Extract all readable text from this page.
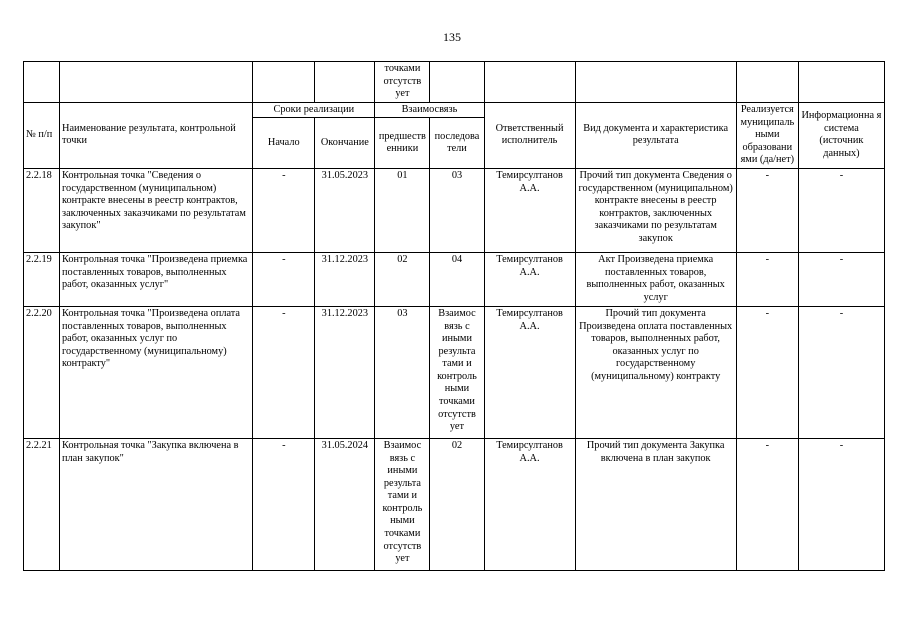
135
				точками отсутств ует					
№ п/п	Наименование результата, контрольной точки	Сроки реализации		Взаимосвязь		Ответственный исполнитель	Вид документа и характеристика результата	Реализуется муниципаль ными образовани ями (да/нет)	Информационна я система (источник данных)
		Начало	Окончание	предшеств енники	последова тели				
2.2.18	Контрольная точка "Сведения о государственном (муниципальном) контракте внесены в реестр контрактов, заключенных заказчиками по результатам закупок"	-	31.05.2023	01	03	Темирсултанов А.А.	Прочий тип документа Сведения о государственном (муниципальном) контракте внесены в реестр контрактов, заключенных заказчиками по результатам закупок	-	-
2.2.19	Контрольная точка "Произведена приемка поставленных товаров, выполненных работ, оказанных услуг"	-	31.12.2023	02	04	Темирсултанов А.А.	Акт Произведена приемка поставленных товаров, выполненных работ, оказанных услуг	-	-
2.2.20	Контрольная точка "Произведена оплата поставленных товаров, выполненных работ, оказанных услуг по государственному (муниципальному) контракту"	-	31.12.2023	03	Взаимос вязь с иными результа тами и контроль ными точками отсутств ует	Темирсултанов А.А.	Прочий тип документа Произведена оплата поставленных товаров, выполненных работ, оказанных услуг по государственному (муниципальному) контракту	-	-
2.2.21	Контрольная точка "Закупка включена в план закупок"	-	31.05.2024	Взаимос вязь с иными результа тами и контроль ными точками отсутств ует	02	Темирсултанов А.А.	Прочий тип документа Закупка включена в план закупок	-	-
